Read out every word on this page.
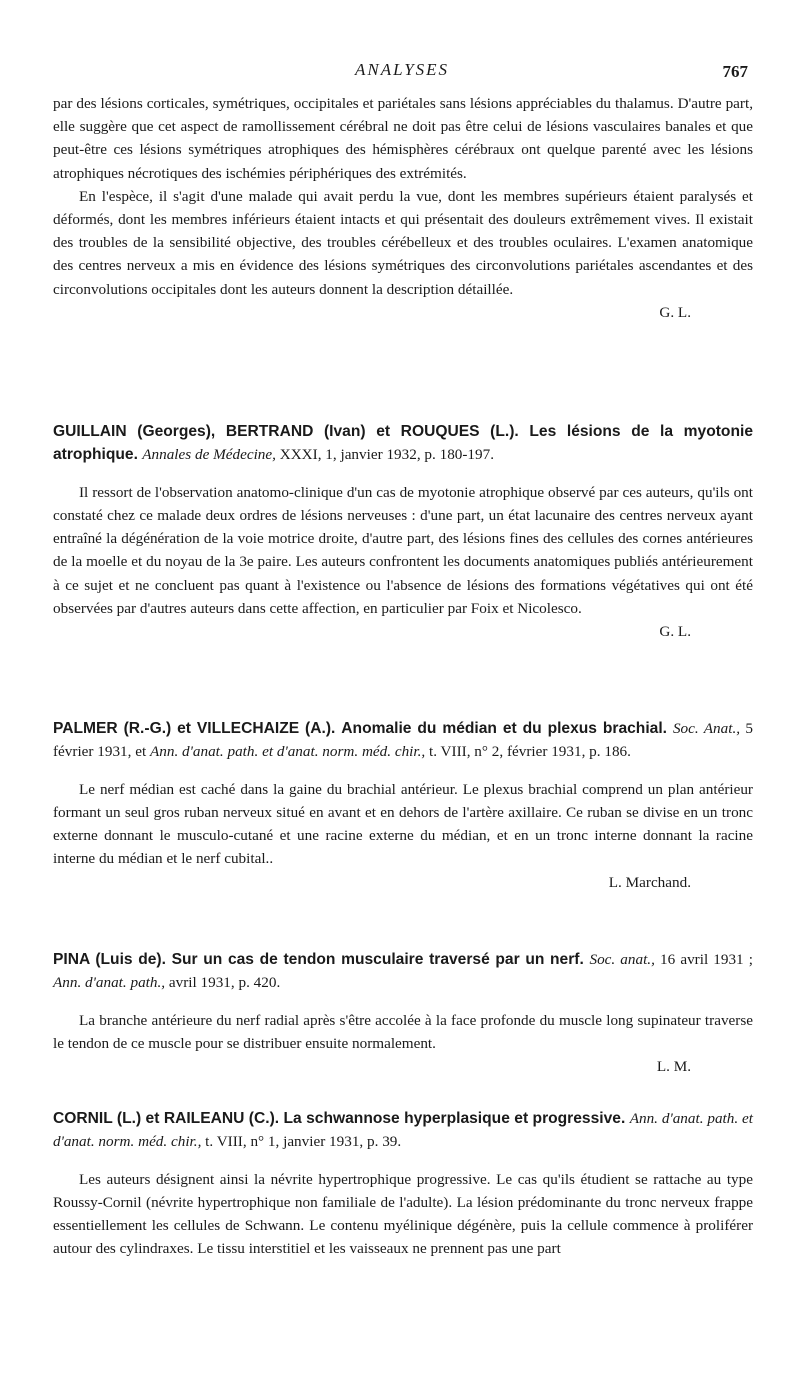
ANALYSES	767

par des lésions corticales, symétriques, occipitales et pariétales sans lésions appréciables du thalamus. D'autre part, elle suggère que cet aspect de ramollissement cérébral ne doit pas être celui de lésions vasculaires banales et que peut-être ces lésions symétriques atrophiques des hémisphères cérébraux ont quelque parenté avec les lésions atrophiques nécrotiques des ischémies périphériques des extrémités.

En l'espèce, il s'agit d'une malade qui avait perdu la vue, dont les membres supérieurs étaient paralysés et déformés, dont les membres inférieurs étaient intacts et qui présentait des douleurs extrêmement vives. Il existait des troubles de la sensibilité objective, des troubles cérébelleux et des troubles oculaires. L'examen anatomique des centres nerveux a mis en évidence des lésions symétriques des circonvolutions pariétales ascendantes et des circonvolutions occipitales dont les auteurs donnent la description détaillée.

G. L.
GUILLAIN (Georges), BERTRAND (Ivan) et ROUQUES (L.). Les lésions de la myotonie atrophique. Annales de Médecine, XXXI, 1, janvier 1932, p. 180-197.

Il ressort de l'observation anatomo-clinique d'un cas de myotonie atrophique observé par ces auteurs, qu'ils ont constaté chez ce malade deux ordres de lésions nerveuses : d'une part, un état lacunaire des centres nerveux ayant entraîné la dégénération de la voie motrice droite, d'autre part, des lésions fines des cellules des cornes antérieures de la moelle et du noyau de la 3e paire. Les auteurs confrontent les documents anatomiques publiés antérieurement à ce sujet et ne concluent pas quant à l'existence ou l'absence de lésions des formations végétatives qui ont été observées par d'autres auteurs dans cette affection, en particulier par Foix et Nicolesco.

G. L.
PALMER (R.-G.) et VILLECHAIZE (A.). Anomalie du médian et du plexus brachial. Soc. Anat., 5 février 1931, et Ann. d'anat. path. et d'anat. norm. méd. chir., t. VIII, n° 2, février 1931, p. 186.

Le nerf médian est caché dans la gaine du brachial antérieur. Le plexus brachial comprend un plan antérieur formant un seul gros ruban nerveux situé en avant et en dehors de l'artère axillaire. Ce ruban se divise en un tronc externe donnant le musculo-cutané et une racine externe du médian, et en un tronc interne donnant la racine interne du médian et le nerf cubital..

L. Marchand.
PINA (Luis de). Sur un cas de tendon musculaire traversé par un nerf. Soc. anat., 16 avril 1931 ; Ann. d'anat. path., avril 1931, p. 420.

La branche antérieure du nerf radial après s'être accolée à la face profonde du muscle long supinateur traverse le tendon de ce muscle pour se distribuer ensuite normalement.

L. M.
CORNIL (L.) et RAILEANU (C.). La schwannose hyperplasique et progressive. Ann. d'anat. path. et d'anat. norm. méd. chir., t. VIII, n° 1, janvier 1931, p. 39.

Les auteurs désignent ainsi la névrite hypertrophique progressive. Le cas qu'ils étudient se rattache au type Roussy-Cornil (névrite hypertrophique non familiale de l'adulte). La lésion prédominante du tronc nerveux frappe essentiellement les cellules de Schwann. Le contenu myélinique dégénère, puis la cellule commence à proliférer autour des cylindraxes. Le tissu interstitiel et les vaisseaux ne prennent pas une part
